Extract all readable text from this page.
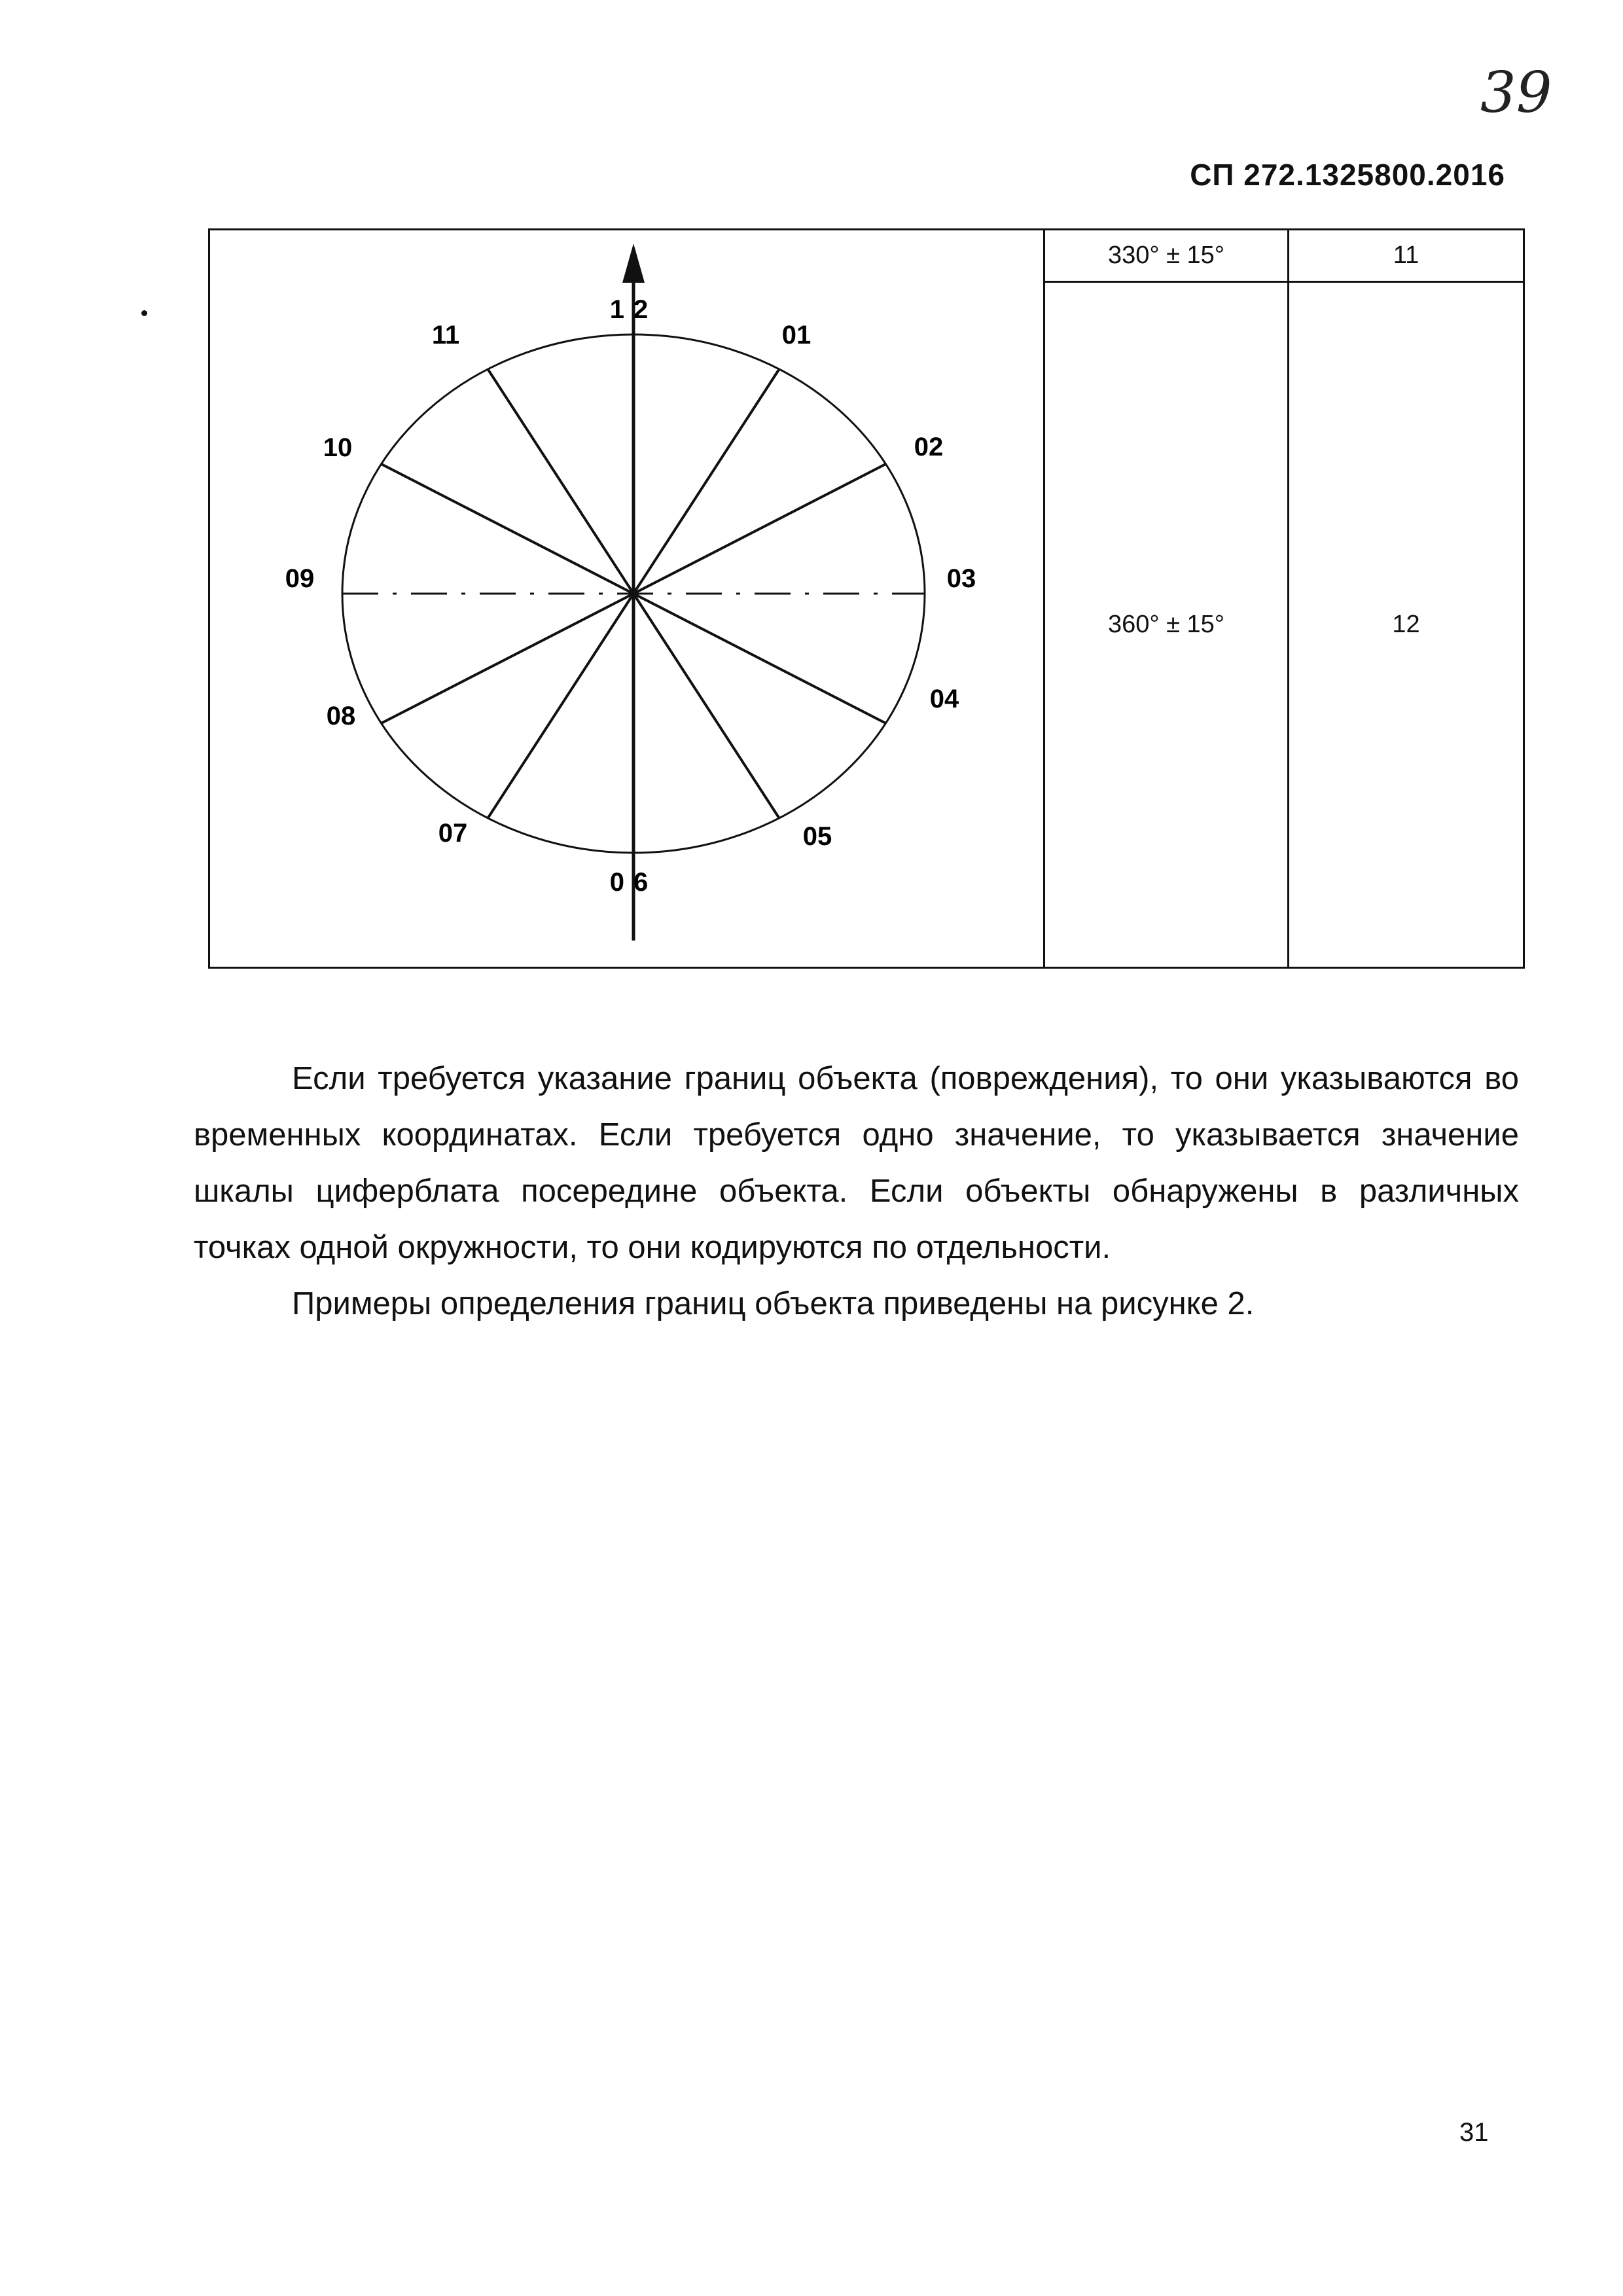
39
СП 272.1325800.2016
12
01
02
03
04
05
06
07
08
09
10
11
330° ± 15°
360° ± 15°
11
12

Если требуется указание границ объекта (повреждения), то они указываются во временных координатах. Если требуется одно значение, то указывается значение шкалы циферблата посередине объекта. Если объекты обнаружены в различных точках одной окружности, то они кодируются по отдельности.

Примеры определения границ объекта приведены на рисунке 2.

31
